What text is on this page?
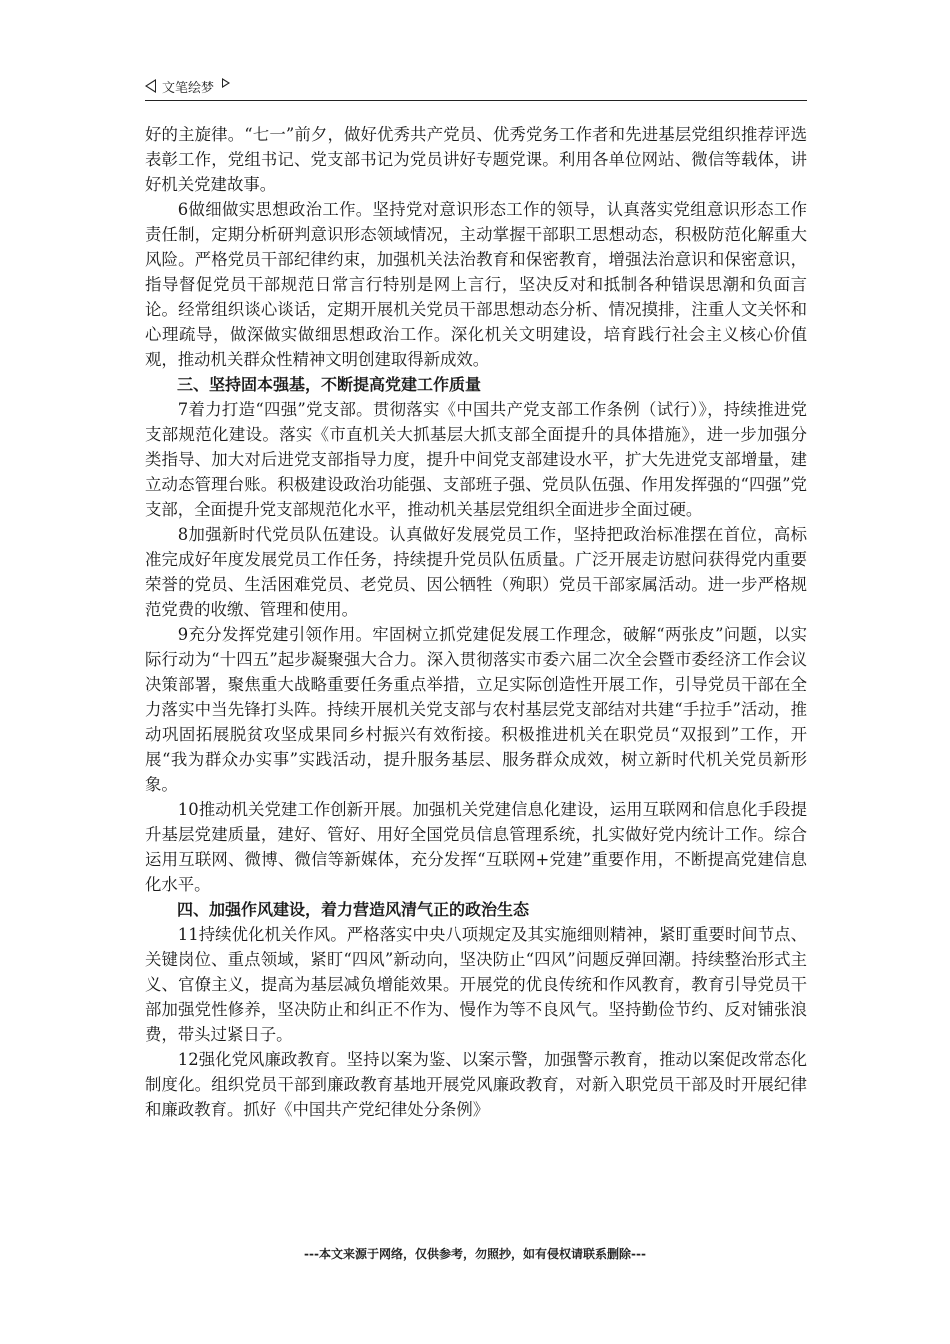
文笔绘梦

好的主旋律。“七一”前夕，做好优秀共产党员、优秀党务工作者和先进基层党组织推荐评选表彰工作，党组书记、党支部书记为党员讲好专题党课。利用各单位网站、微信等载体，讲好机关党建故事。

6做细做实思想政治工作。坚持党对意识形态工作的领导，认真落实党组意识形态工作责任制，定期分析研判意识形态领域情况，主动掌握干部职工思想动态，积极防范化解重大风险。严格党员干部纪律约束，加强机关法治教育和保密教育，增强法治意识和保密意识，指导督促党员干部规范日常言行特别是网上言行，坚决反对和抵制各种错误思潮和负面言论。经常组织谈心谈话，定期开展机关党员干部思想动态分析、情况摸排，注重人文关怀和心理疏导，做深做实做细思想政治工作。深化机关文明建设，培育践行社会主义核心价值观，推动机关群众性精神文明创建取得新成效。

三、坚持固本强基，不断提高党建工作质量

7着力打造“四强”党支部。贯彻落实《中国共产党支部工作条例（试行）》，持续推进党支部规范化建设。落实《市直机关大抓基层大抓支部全面提升的具体措施》，进一步加强分类指导、加大对后进党支部指导力度，提升中间党支部建设水平，扩大先进党支部增量，建立动态管理台账。积极建设政治功能强、支部班子强、党员队伍强、作用发挥强的“四强”党支部，全面提升党支部规范化水平，推动机关基层党组织全面进步全面过硬。

8加强新时代党员队伍建设。认真做好发展党员工作，坚持把政治标准摆在首位，高标准完成好年度发展党员工作任务，持续提升党员队伍质量。广泛开展走访慰问获得党内重要荣誉的党员、生活困难党员、老党员、因公牺牲（殉职）党员干部家属活动。进一步严格规范党费的收缴、管理和使用。

9充分发挥党建引领作用。牢固树立抓党建促发展工作理念，破解“两张皮”问题，以实际行动为“十四五”起步凝聚强大合力。深入贯彻落实市委六届二次全会暨市委经济工作会议决策部署，聚焦重大战略重要任务重点举措，立足实际创造性开展工作，引导党员干部在全力落实中当先锋打头阵。持续开展机关党支部与农村基层党支部结对共建“手拉手”活动，推动巩固拓展脱贫攻坚成果同乡村振兴有效衔接。积极推进机关在职党员“双报到”工作，开展“我为群众办实事”实践活动，提升服务基层、服务群众成效，树立新时代机关党员新形象。

10推动机关党建工作创新开展。加强机关党建信息化建设，运用互联网和信息化手段提升基层党建质量，建好、管好、用好全国党员信息管理系统，扎实做好党内统计工作。综合运用互联网、微博、微信等新媒体，充分发挥“互联网+党建”重要作用，不断提高党建信息化水平。

四、加强作风建设，着力营造风清气正的政治生态

11持续优化机关作风。严格落实中央八项规定及其实施细则精神，紧盯重要时间节点、关键岗位、重点领域，紧盯“四风”新动向，坚决防止“四风”问题反弹回潮。持续整治形式主义、官僚主义，提高为基层减负增能效果。开展党的优良传统和作风教育，教育引导党员干部加强党性修养，坚决防止和纠正不作为、慢作为等不良风气。坚持勤俭节约、反对铺张浪费，带头过紧日子。

12强化党风廉政教育。坚持以案为鉴、以案示警，加强警示教育，推动以案促改常态化制度化。组织党员干部到廉政教育基地开展党风廉政教育，对新入职党员干部及时开展纪律和廉政教育。抓好《中国共产党纪律处分条例》

---本文来源于网络，仅供参考，勿照抄，如有侵权请联系删除---
